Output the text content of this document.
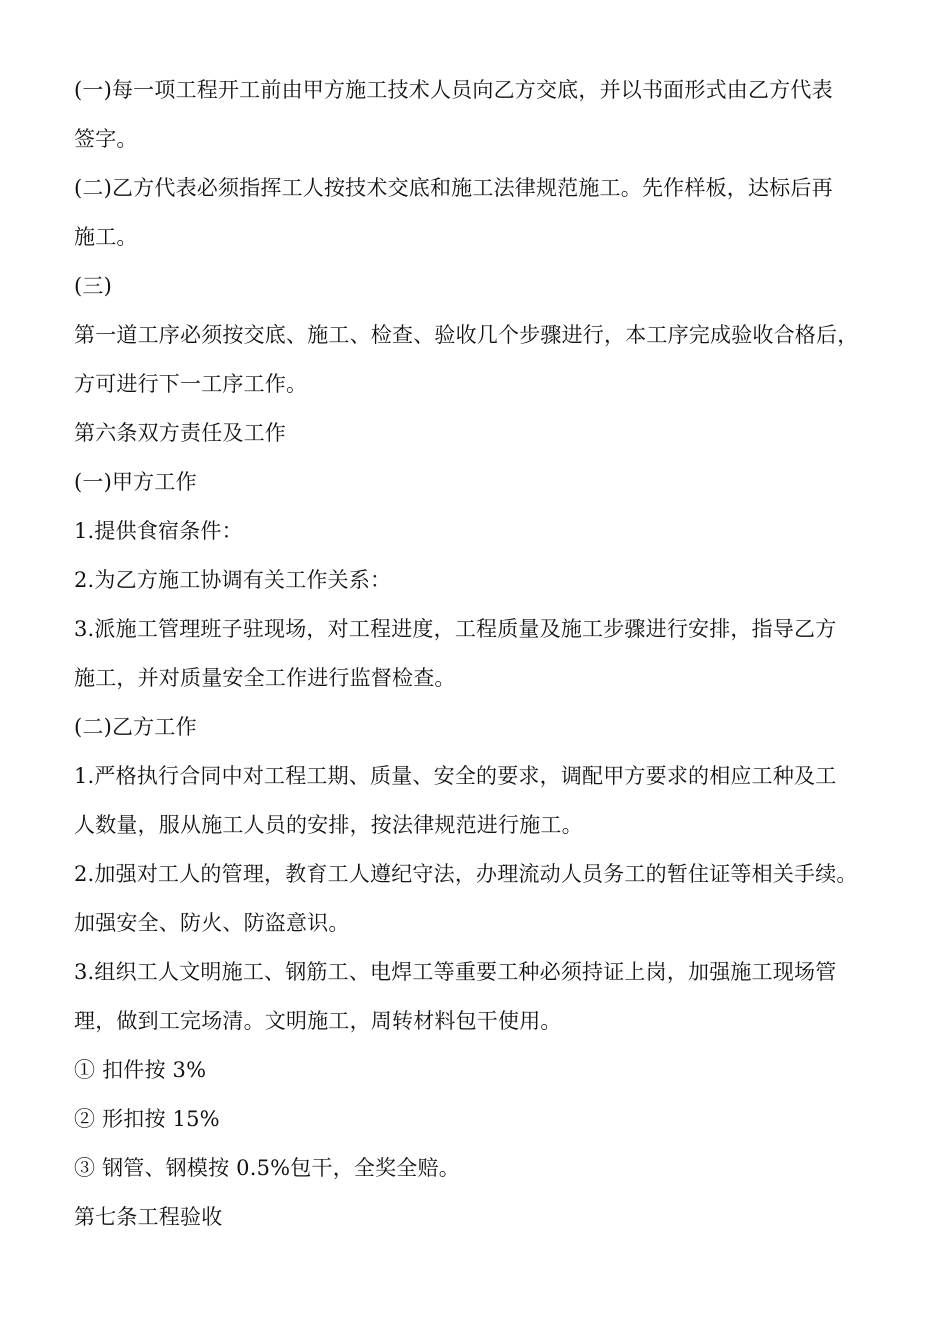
(一)每一项工程开工前由甲方施工技术人员向乙方交底，并以书面形式由乙方代表
签字。
(二)乙方代表必须指挥工人按技术交底和施工法律规范施工。先作样板，达标后再
施工。
(三)
第一道工序必须按交底、施工、检查、验收几个步骤进行，本工序完成验收合格后，
方可进行下一工序工作。
第六条双方责任及工作
(一)甲方工作
1.提供食宿条件：
2.为乙方施工协调有关工作关系：
3.派施工管理班子驻现场，对工程进度，工程质量及施工步骤进行安排，指导乙方
施工，并对质量安全工作进行监督检查。
(二)乙方工作
1.严格执行合同中对工程工期、质量、安全的要求，调配甲方要求的相应工种及工
人数量，服从施工人员的安排，按法律规范进行施工。
2.加强对工人的管理，教育工人遵纪守法，办理流动人员务工的暂住证等相关手续。
加强安全、防火、防盗意识。
3.组织工人文明施工、钢筋工、电焊工等重要工种必须持证上岗，加强施工现场管
理，做到工完场清。文明施工，周转材料包干使用。
① 扣件按 3%
② 形扣按 15%
③ 钢管、钢模按 0.5%包干，全奖全赔。
第七条工程验收
